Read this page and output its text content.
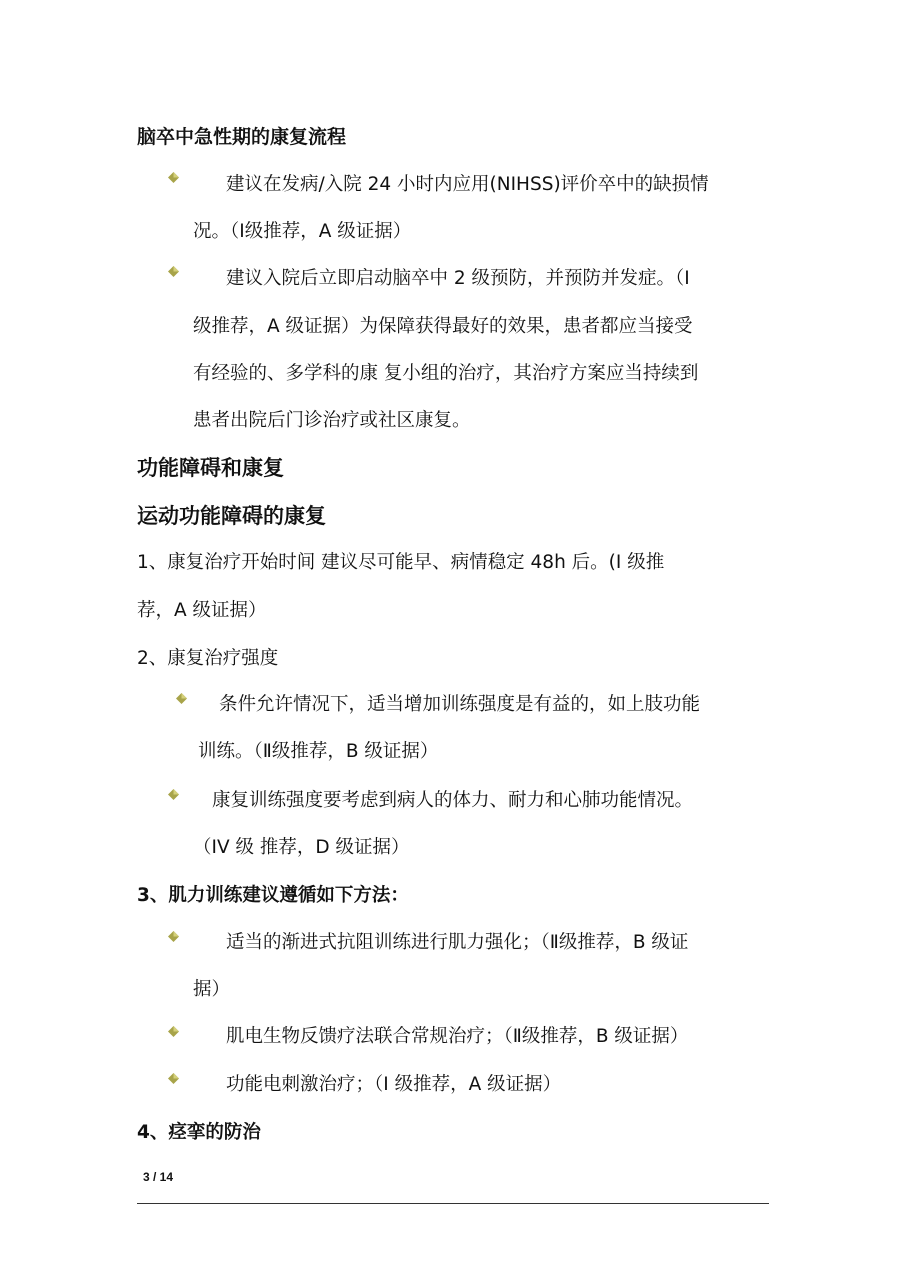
脑卒中急性期的康复流程
建议在发病/入院 24 小时内应用(NIHSS)评价卒中的缺损情
况。（Ⅰ级推荐，A 级证据）
建议入院后立即启动脑卒中 2 级预防，并预防并发症。（Ⅰ
级推荐，A 级证据）为保障获得最好的效果，患者都应当接受
有经验的、多学科的康 复小组的治疗，其治疗方案应当持续到
患者出院后门诊治疗或社区康复。
功能障碍和康复
运动功能障碍的康复
1、康复治疗开始时间 建议尽可能早、病情稳定 48h 后。(I 级推
荐，A 级证据）
2、康复治疗强度
条件允许情况下，适当增加训练强度是有益的，如上肢功能
训练。（Ⅱ级推荐，B 级证据）
康复训练强度要考虑到病人的体力、耐力和心肺功能情况。
（IV 级 推荐，D 级证据）
3、肌力训练建议遵循如下方法：
适当的渐进式抗阻训练进行肌力强化；（Ⅱ级推荐，B 级证
据）
肌电生物反馈疗法联合常规治疗；（Ⅱ级推荐，B 级证据）
功能电刺激治疗；（I 级推荐，A 级证据）
4、痉挛的防治
3 / 14
